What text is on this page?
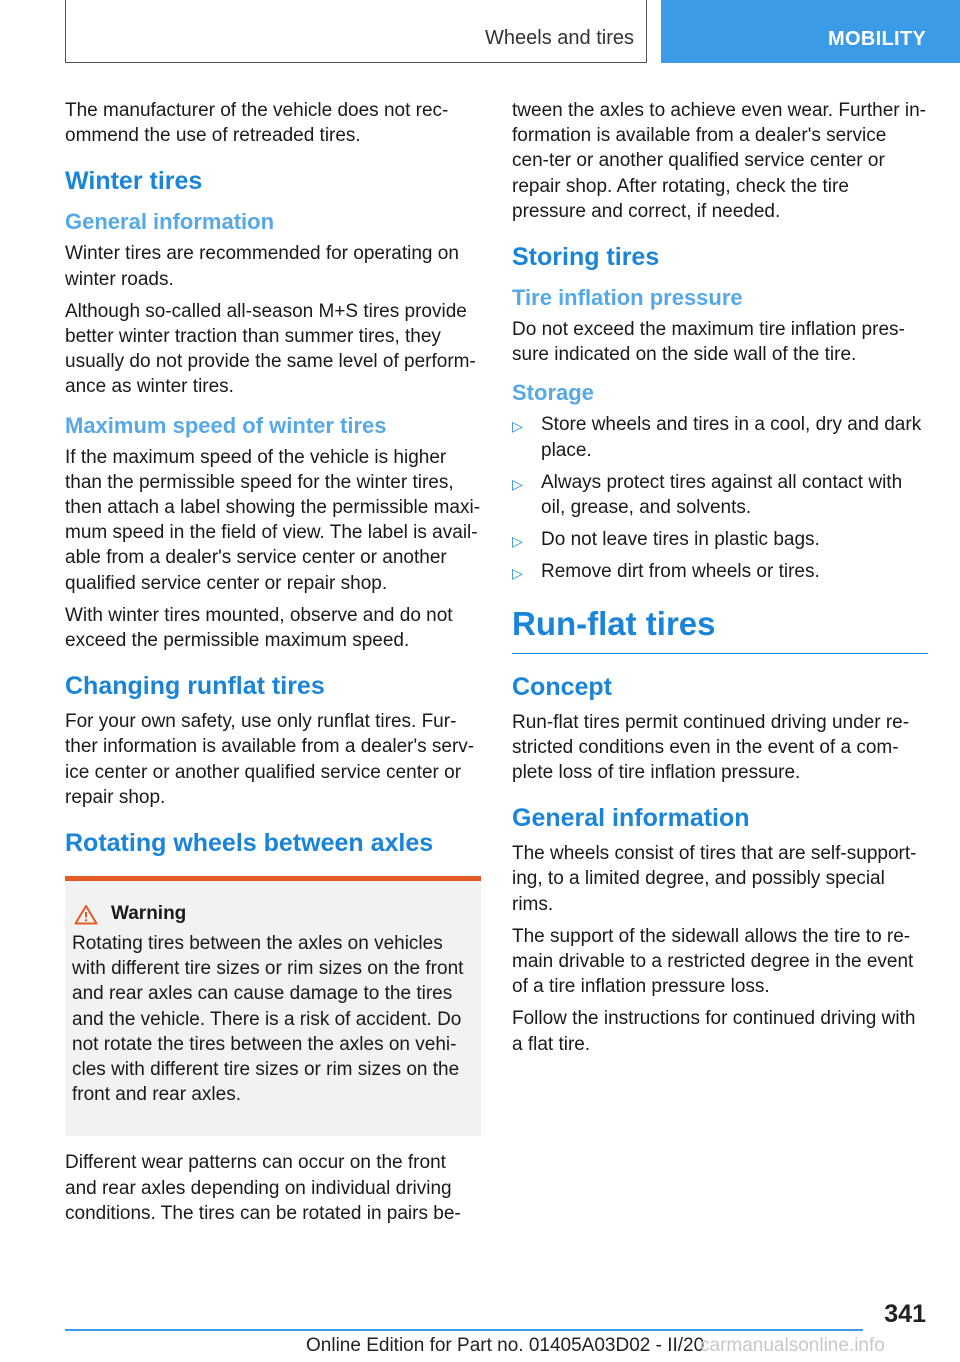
Wheels and tires	MOBILITY

The manufacturer of the vehicle does not rec‐ommend the use of retreaded tires.

Winter tires
General information

Winter tires are recommended for operating on winter roads.

Although so-called all-season M+S tires provide better winter traction than summer tires, they usually do not provide the same level of perform‐ance as winter tires.

Maximum speed of winter tires

If the maximum speed of the vehicle is higher than the permissible speed for the winter tires, then attach a label showing the permissible maxi‐mum speed in the field of view. The label is avail‐able from a dealer's service center or another qualified service center or repair shop.

With winter tires mounted, observe and do not exceed the permissible maximum speed.

Changing runflat tires

For your own safety, use only runflat tires. Fur‐ther information is available from a dealer's serv‐ice center or another qualified service center or repair shop.

Rotating wheels between axles
Warning

Rotating tires between the axles on vehicles with different tire sizes or rim sizes on the front and rear axles can cause damage to the tires and the vehicle. There is a risk of accident. Do not rotate the tires between the axles on vehi‐cles with different tire sizes or rim sizes on the front and rear axles.

Different wear patterns can occur on the front and rear axles depending on individual driving conditions. The tires can be rotated in pairs be‐

tween the axles to achieve even wear. Further in‐formation is available from a dealer's service cen‐ter or another qualified service center or repair shop. After rotating, check the tire pressure and correct, if needed.

Storing tires
Tire inflation pressure

Do not exceed the maximum tire inflation pres‐sure indicated on the side wall of the tire.

Storage
▷ Store wheels and tires in a cool, dry and dark place.
▷ Always protect tires against all contact with oil, grease, and solvents.
▷ Do not leave tires in plastic bags.
▷ Remove dirt from wheels or tires.
Run-flat tires
Concept

Run-flat tires permit continued driving under re‐stricted conditions even in the event of a com‐plete loss of tire inflation pressure.

General information

The wheels consist of tires that are self-support‐ing, to a limited degree, and possibly special rims.

The support of the sidewall allows the tire to re‐main drivable to a restricted degree in the event of a tire inflation pressure loss.

Follow the instructions for continued driving with a flat tire.

341
Online Edition for Part no. 01405A03D02 - II/20
carmanualsonline.info
